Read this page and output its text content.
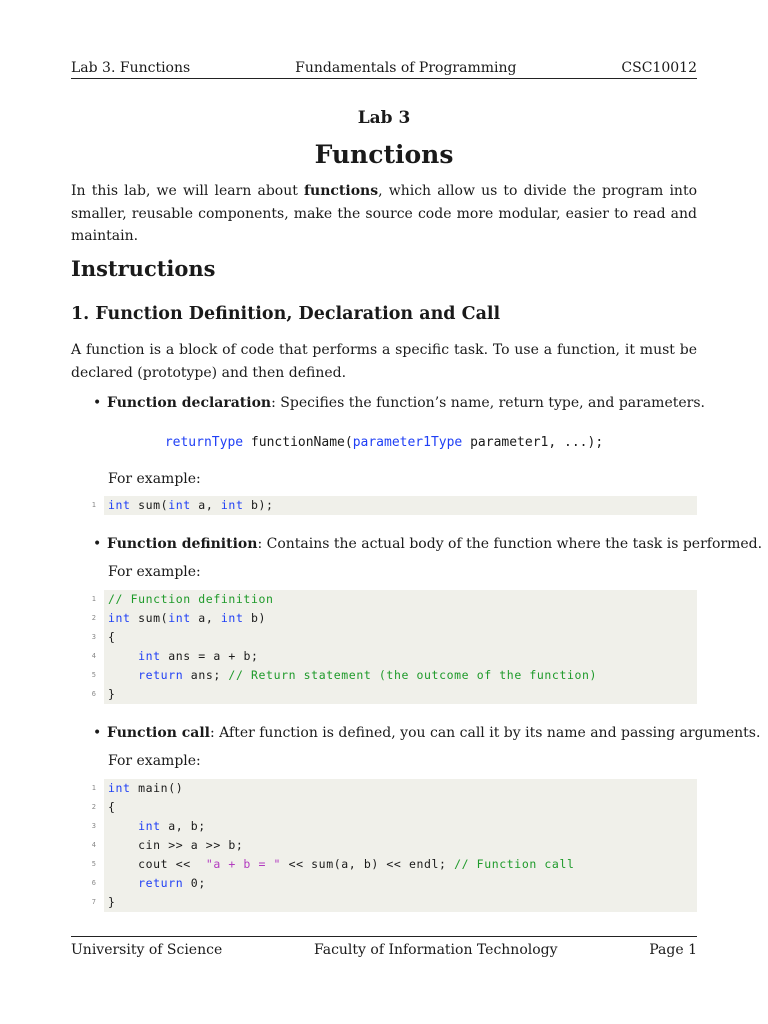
Lab 3. Functions	Fundamentals of Programming	CSC10012
Lab 3
Functions
In this lab, we will learn about functions, which allow us to divide the program into smaller, reusable components, make the source code more modular, easier to read and maintain.
Instructions
1. Function Definition, Declaration and Call
A function is a block of code that performs a specific task. To use a function, it must be declared (prototype) and then defined.
• Function declaration: Specifies the function’s name, return type, and parameters.
returnType functionName(parameter1Type parameter1, ...);
For example:
1 int sum(int a, int b);
• Function definition: Contains the actual body of the function where the task is performed.
For example:
1 // Function definition
2 int sum(int a, int b)
3 {
4	int ans = a + b;
5	return ans; // Return statement (the outcome of the function)
6 }
• Function call: After function is defined, you can call it by its name and passing arguments.
For example:
1 int main()
2 {
3	int a, b;
4 cin >> a >> b;
5 cout <<  "a + b = " << sum(a, b) << endl; // Function call
6	return 0;
7 }
University of Science	Faculty of Information Technology	Page 1
